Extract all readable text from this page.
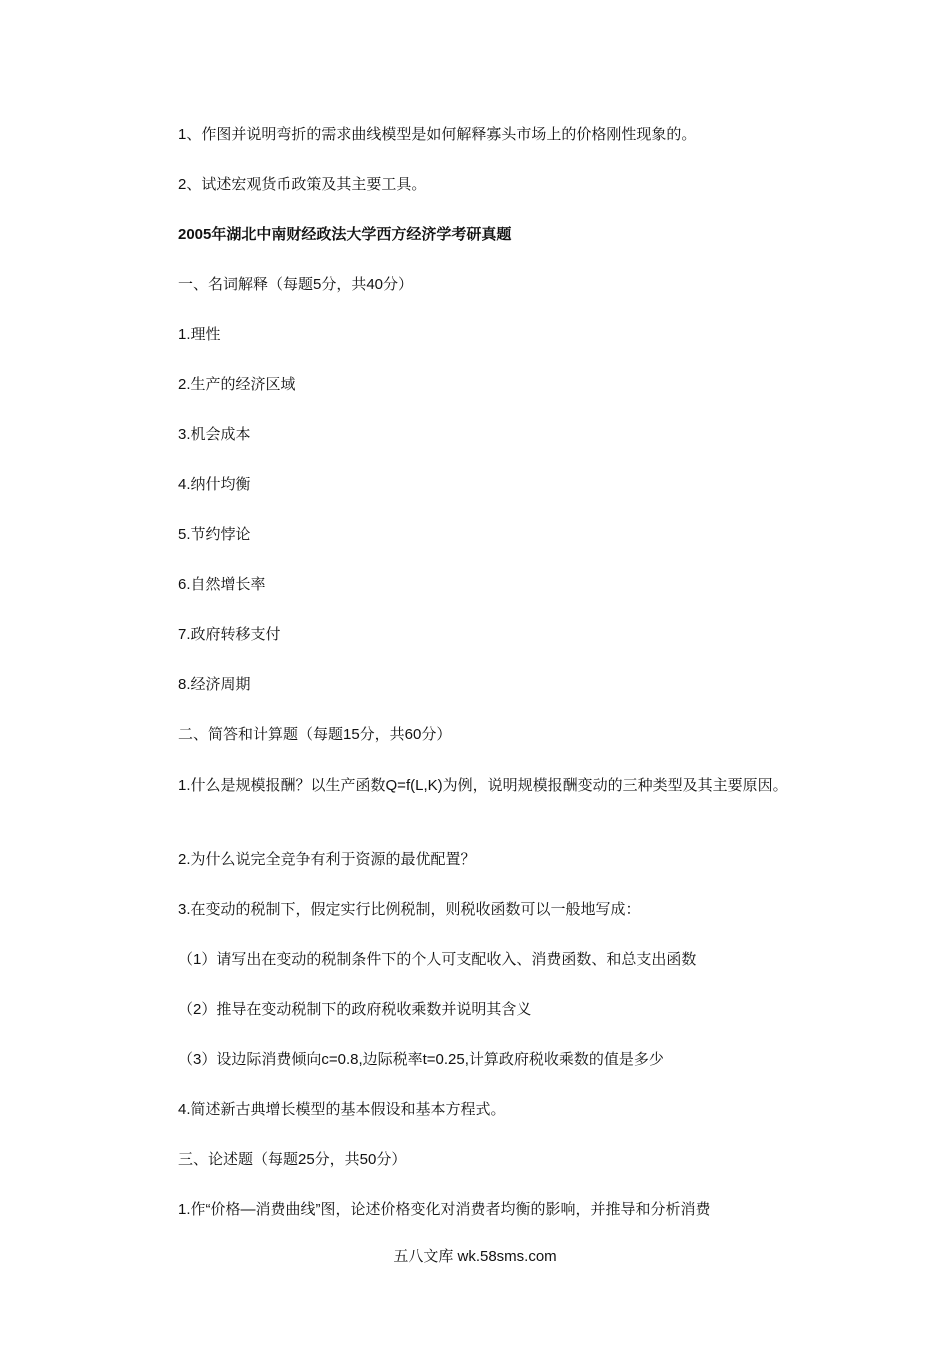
1、作图并说明弯折的需求曲线模型是如何解释寡头市场上的价格刚性现象的。
2、试述宏观货币政策及其主要工具。
2005年湖北中南财经政法大学西方经济学考研真题
一、名词解释（每题5分，共40分）
1.理性
2.生产的经济区域
3.机会成本
4.纳什均衡
5.节约悖论
6.自然增长率
7.政府转移支付
8.经济周期
二、简答和计算题（每题15分，共60分）
1.什么是规模报酬？以生产函数Q=f(L,K)为例，说明规模报酬变动的三种类型及其主要原因。
2.为什么说完全竞争有利于资源的最优配置？
3.在变动的税制下，假定实行比例税制，则税收函数可以一般地写成：
（1）请写出在变动的税制条件下的个人可支配收入、消费函数、和总支出函数
（2）推导在变动税制下的政府税收乘数并说明其含义
（3）设边际消费倾向c=0.8,边际税率t=0.25,计算政府税收乘数的值是多少
4.简述新古典增长模型的基本假设和基本方程式。
三、论述题（每题25分，共50分）
1.作“价格—消费曲线”图，论述价格变化对消费者均衡的影响，并推导和分析消费
五八文库 wk.58sms.com
